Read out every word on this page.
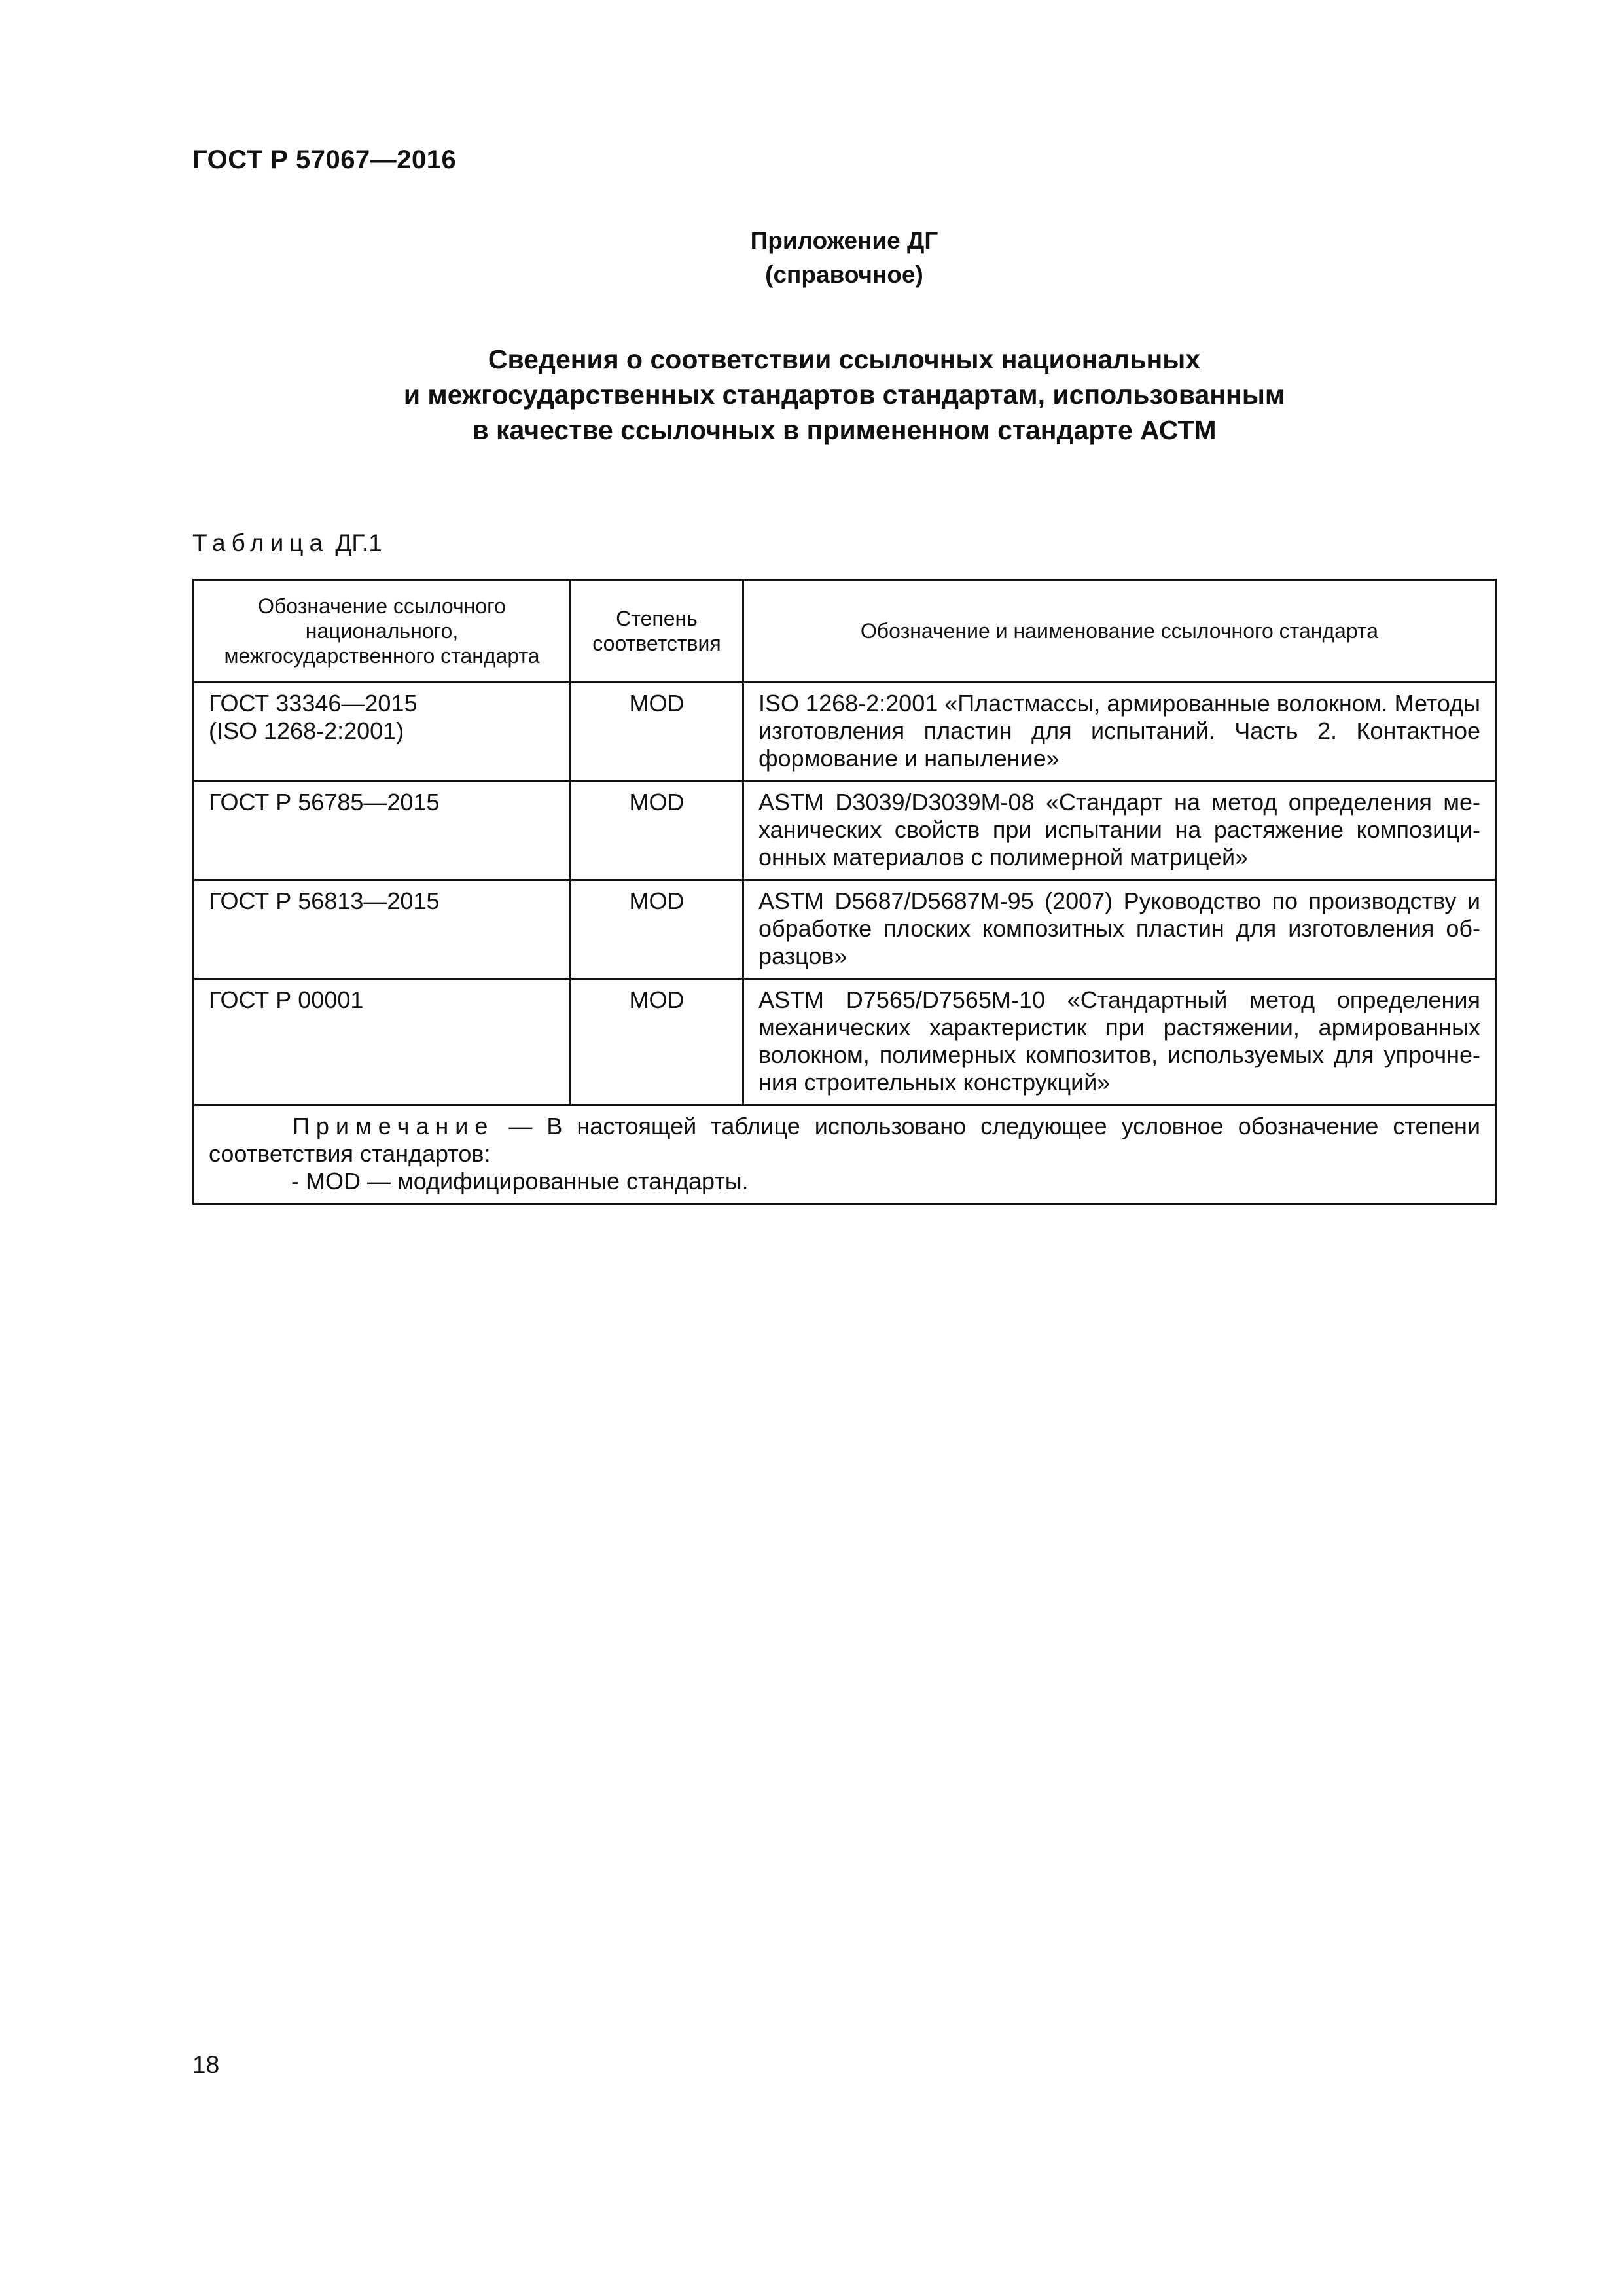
ГОСТ Р 57067—2016
Приложение ДГ
(справочное)
Сведения о соответствии ссылочных национальных
и межгосударственных стандартов стандартам, использованным
в качестве ссылочных в примененном стандарте АСТМ
Таблица ДГ.1
Обозначение ссылочного национального, межгосударственного стандарта	Степень соответствия	Обозначение и наименование ссылочного стандарта

ГОСТ 33346—2015
(ISO 1268-2:2001)	MOD	ISO 1268-2:2001 «Пластмассы, армированные волокном. Методы изготовления пластин для испытаний. Часть 2. Контактное формование и напыление»

ГОСТ Р 56785—2015	MOD	ASTM D3039/D3039M-08 «Стандарт на метод определения механических свойств при испытании на растяжение композиционных материалов с полимерной матрицей»

ГОСТ Р 56813—2015	MOD	ASTM D5687/D5687M-95 (2007) Руководство по производству и обработке плоских композитных пластин для изготовления образцов»

ГОСТ Р 00001	MOD	ASTM D7565/D7565M-10 «Стандартный метод определения механических характеристик при растяжении, армированных волокном, полимерных композитов, используемых для упрочнения строительных конструкций»

Примечание — В настоящей таблице использовано следующее условное обозначение степени соответствия стандартов:
- MOD — модифицированные стандарты.		
18
